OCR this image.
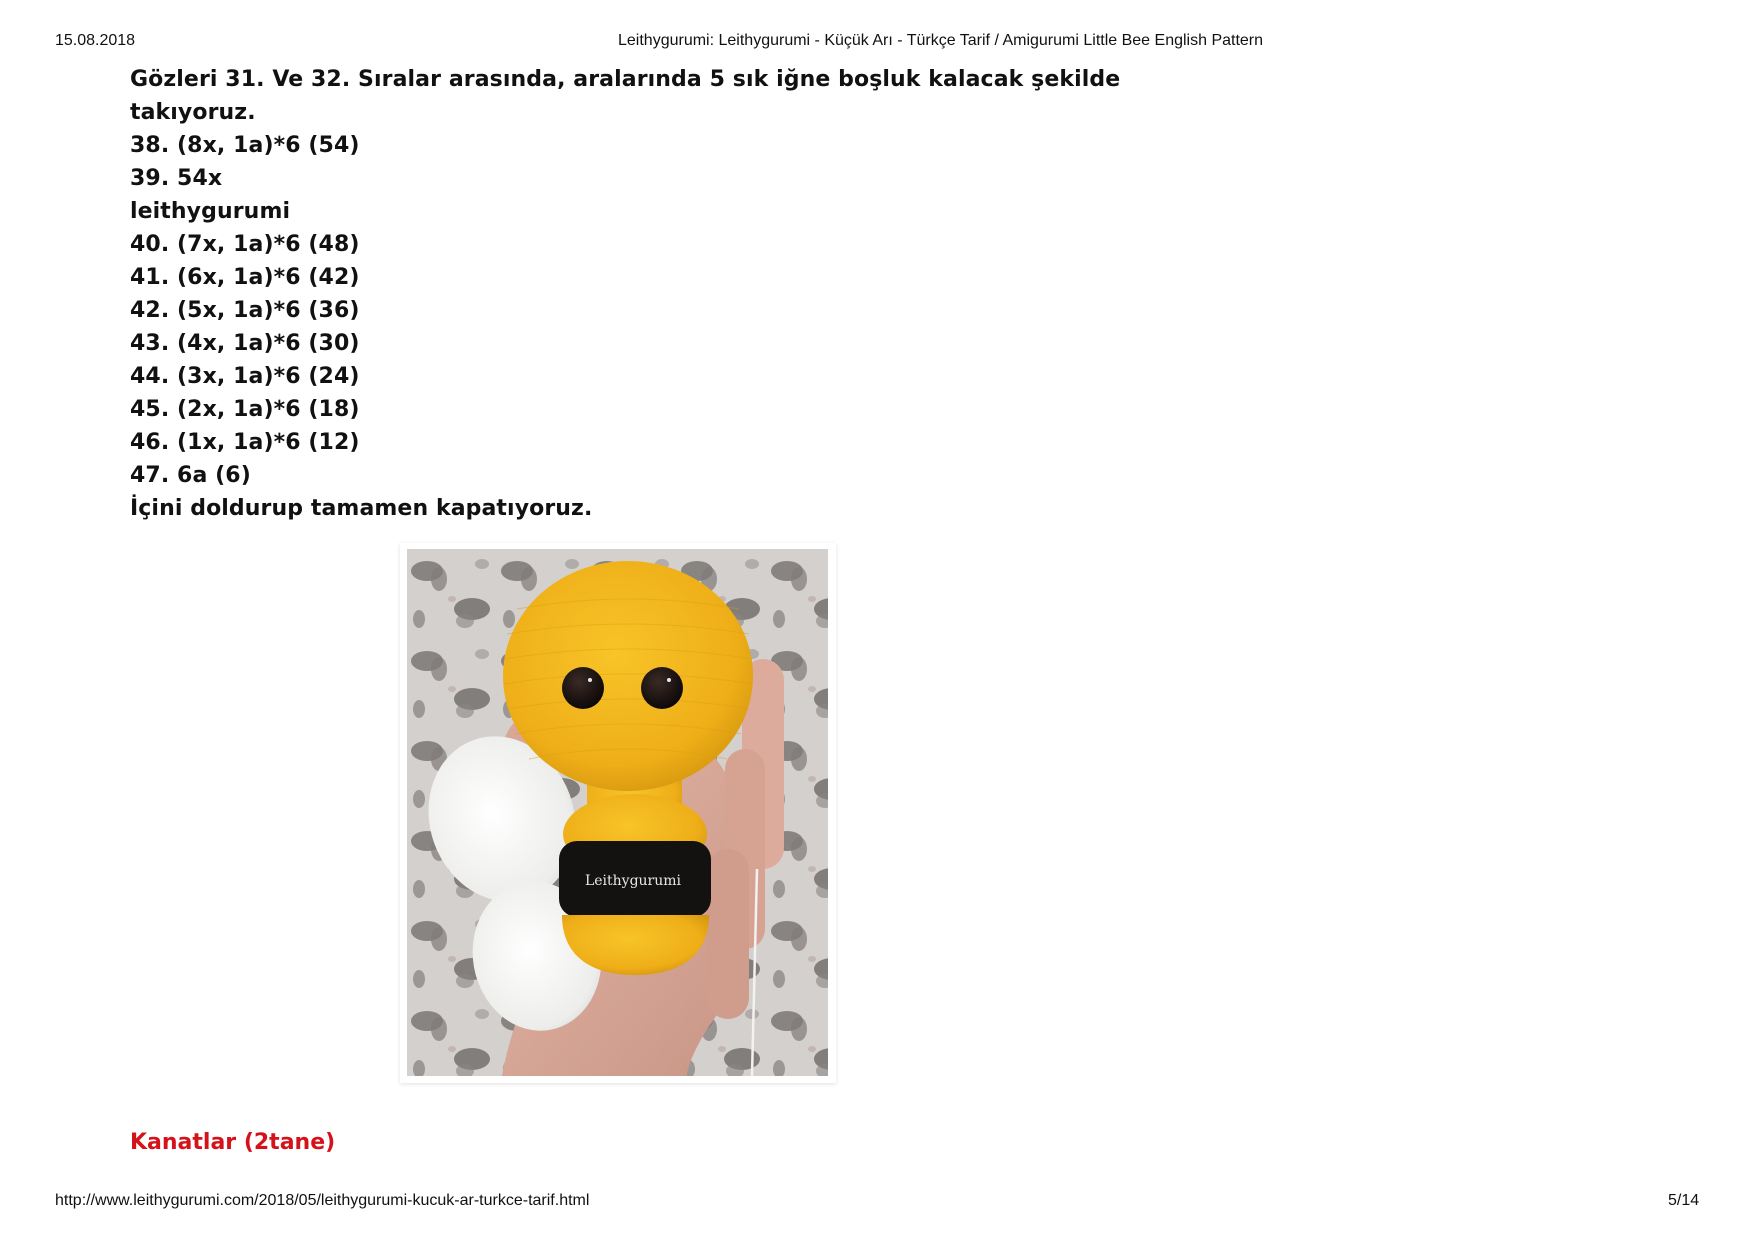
15.08.2018	Leithygurumi: Leithygurumi - Küçük Arı - Türkçe Tarif / Amigurumi Little Bee English Pattern
Gözleri 31. Ve 32. Sıralar arasında, aralarında 5 sık iğne boşluk kalacak şekilde
takıyoruz.
38. (8x, 1a)*6 (54)
39. 54x
leithygurumi
40. (7x, 1a)*6 (48)
41. (6x, 1a)*6 (42)
42. (5x, 1a)*6 (36)
43. (4x, 1a)*6 (30)
44. (3x, 1a)*6 (24)
45. (2x, 1a)*6 (18)
46. (1x, 1a)*6 (12)
47. 6a (6)
İçini doldurup tamamen kapatıyoruz.
Leithygurumi
Kanatlar (2tane)
http://www.leithygurumi.com/2018/05/leithygurumi-kucuk-ar-turkce-tarif.html	5/14
